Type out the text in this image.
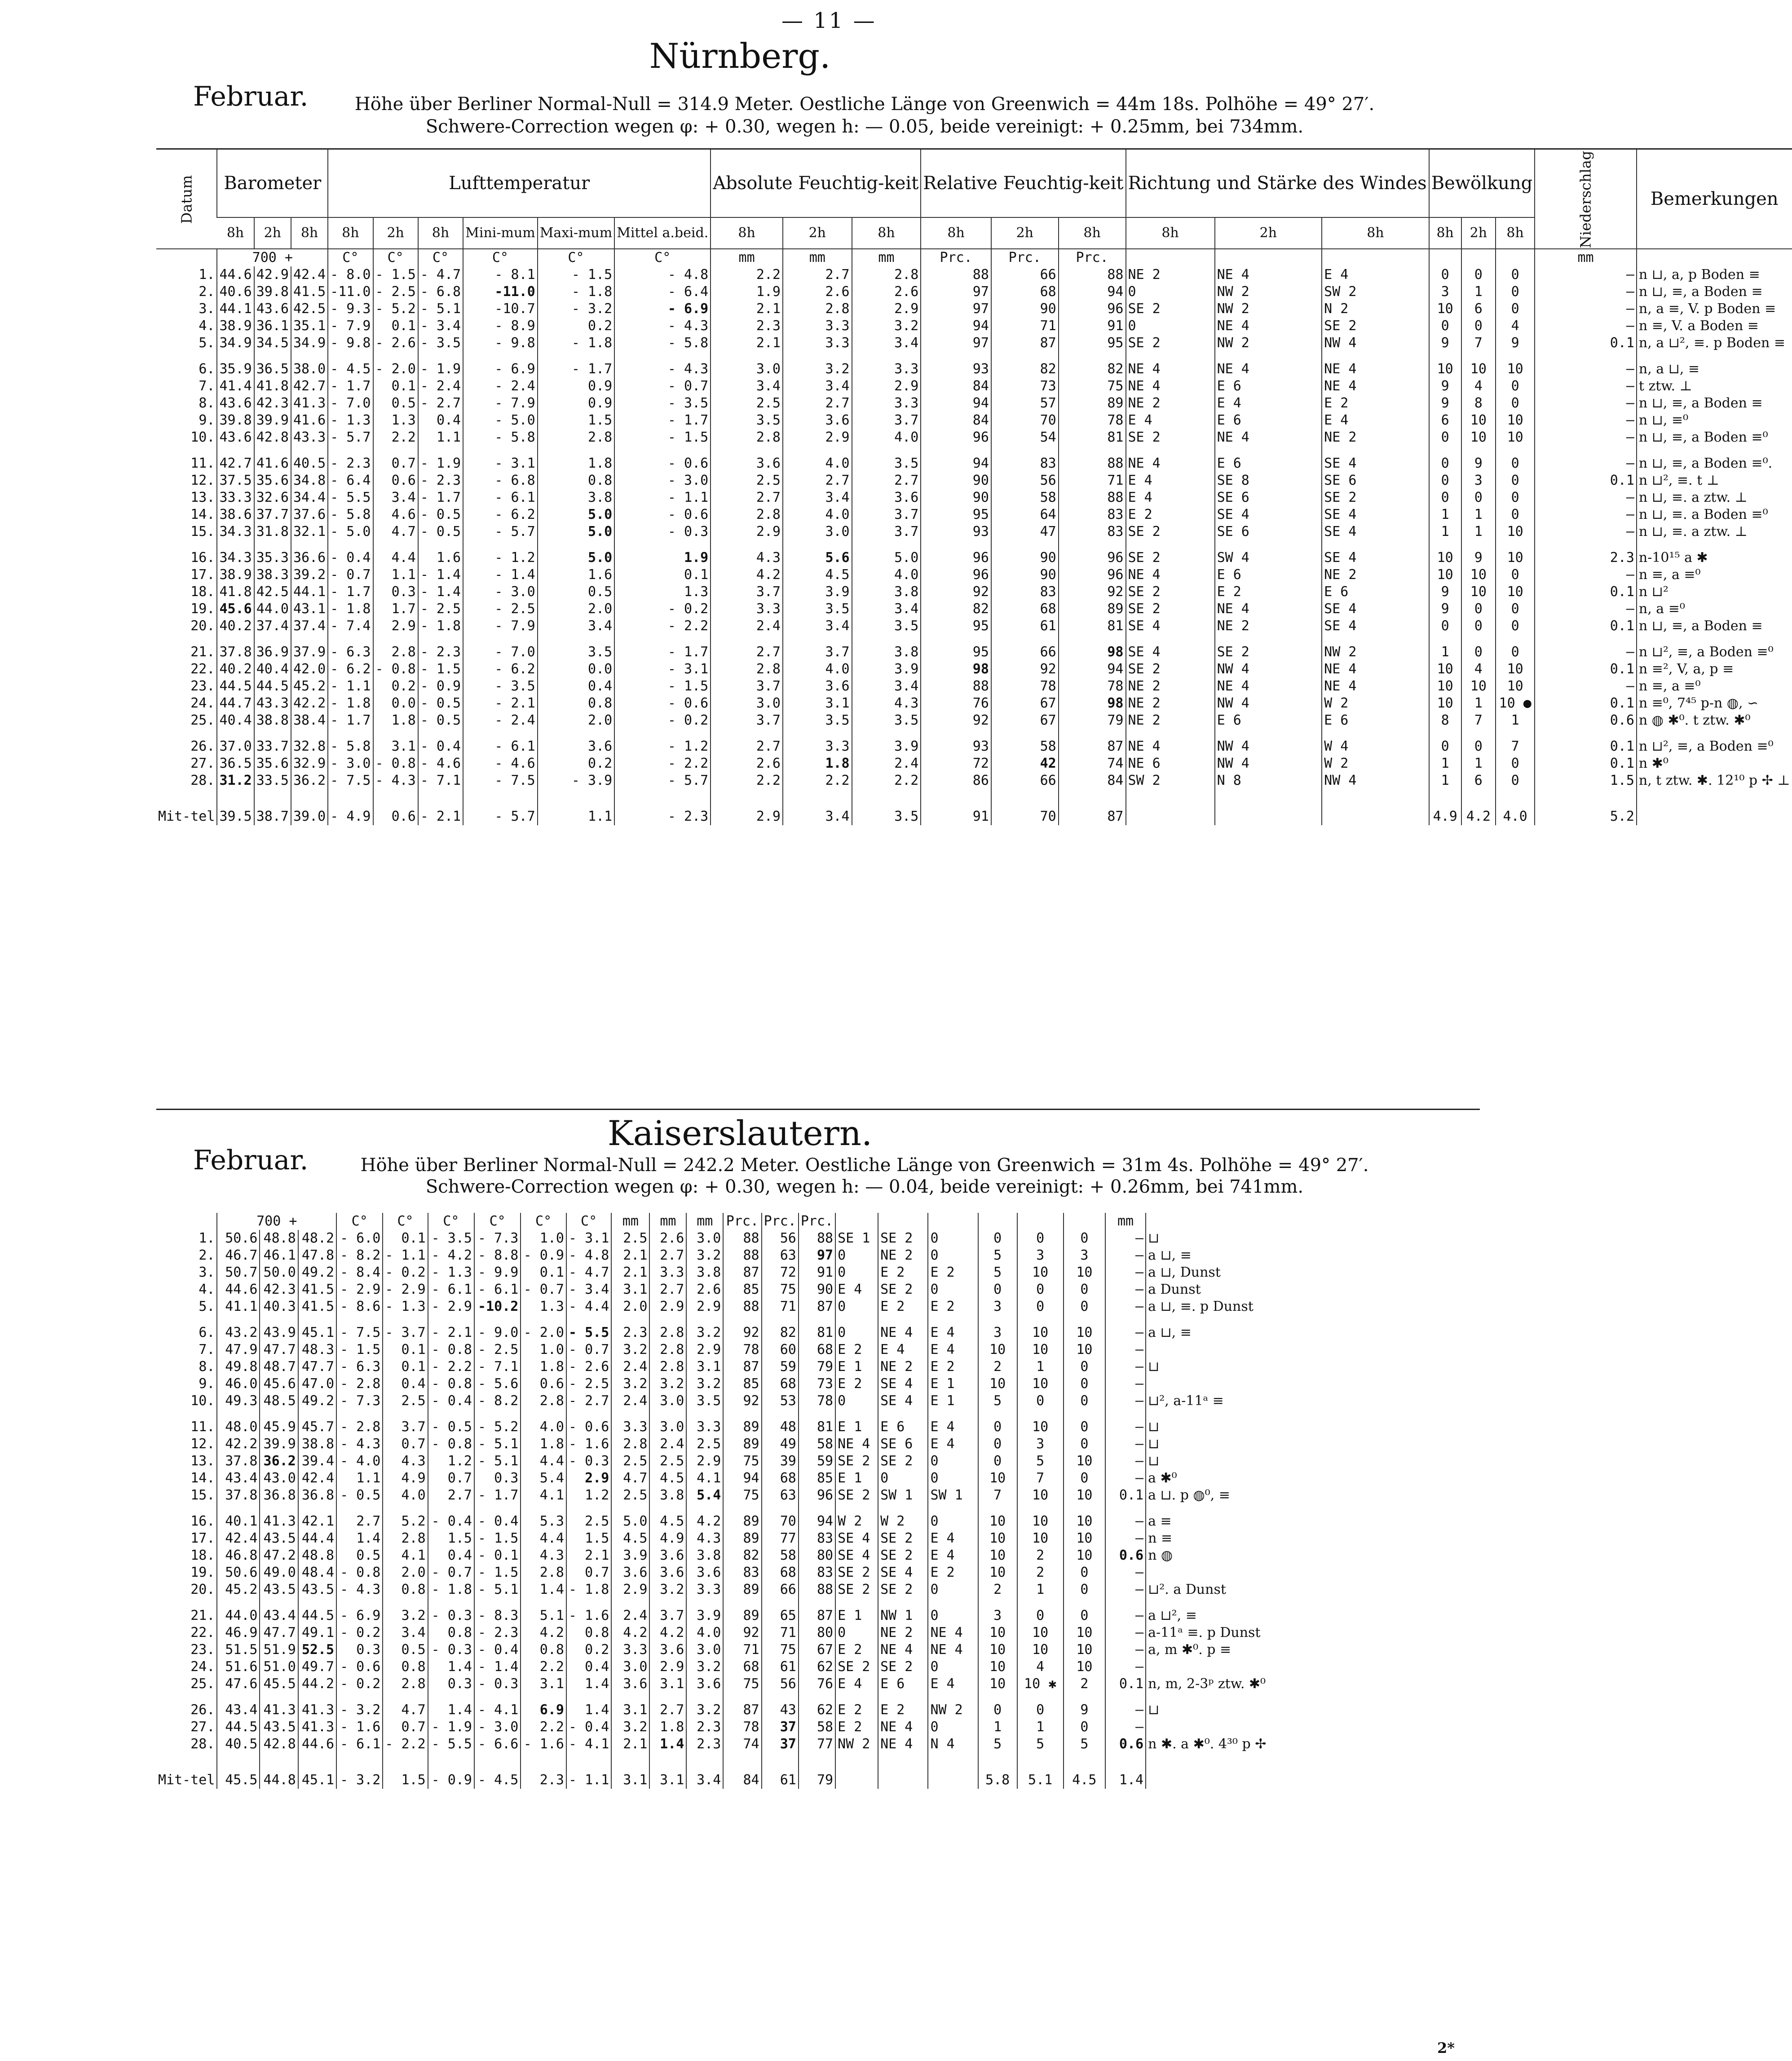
— 11 —
Nürnberg.
Februar.	Höhe über Berliner Normal-Null = 314.9 Meter. Oestliche Länge von Greenwich = 44m 18s. Polhöhe = 49° 27′.
Schwere-Correction wegen φ: + 0.30, wegen h: — 0.05, beide vereinigt: + 0.25mm, bei 734mm.
Datum	Barometer			Lufttemperatur						Absolute Feuchtig-keit			Relative Feuchtig-keit			Richtung und Stärke des Windes			Bewölkung			Niederschlag	Bemerkungen
	8h	2h	8h	8h	2h	8h	Mini-mum	Maxi-mum	Mittel a.beid.	8h	2h	8h	8h	2h	8h	8h	2h	8h	8h	2h	8h		
	700 +			C°	C°	C°	C°	C°	C°	mm	mm	mm	Prc.	Prc.	Prc.							mm	
1.	44.6	42.9	42.4	- 8.0	- 1.5	- 4.7	- 8.1	- 1.5	- 4.8	2.2	2.7	2.8	88	66	88	NE 2	NE 4	E 4	0	0	0	—	n ⊔, a, p Boden ≡
2.	40.6	39.8	41.5	-11.0	- 2.5	- 6.8	-11.0	- 1.8	- 6.4	1.9	2.6	2.6	97	68	94	0	NW 2	SW 2	3	1	0	—	n ⊔, ≡, a Boden ≡
3.	44.1	43.6	42.5	- 9.3	- 5.2	- 5.1	-10.7	- 3.2	- 6.9	2.1	2.8	2.9	97	90	96	SE 2	NW 2	N 2	10	6	0	—	n, a ≡, V. p Boden ≡
4.	38.9	36.1	35.1	- 7.9	0.1	- 3.4	- 8.9	0.2	- 4.3	2.3	3.3	3.2	94	71	91	0	NE 4	SE 2	0	0	4	—	n ≡, V. a Boden ≡
5.	34.9	34.5	34.9	- 9.8	- 2.6	- 3.5	- 9.8	- 1.8	- 5.8	2.1	3.3	3.4	97	87	95	SE 2	NW 2	NW 4	9	7	9	0.1	n, a ⊔², ≡. p Boden ≡
6.	35.9	36.5	38.0	- 4.5	- 2.0	- 1.9	- 6.9	- 1.7	- 4.3	3.0	3.2	3.3	93	82	82	NE 4	NE 4	NE 4	10	10	10	—	n, a ⊔, ≡
7.	41.4	41.8	42.7	- 1.7	0.1	- 2.4	- 2.4	0.9	- 0.7	3.4	3.4	2.9	84	73	75	NE 4	E 6	NE 4	9	4	0	—	t ztw. ⊥
8.	43.6	42.3	41.3	- 7.0	0.5	- 2.7	- 7.9	0.9	- 3.5	2.5	2.7	3.3	94	57	89	NE 2	E 4	E 2	9	8	0	—	n ⊔, ≡, a Boden ≡
9.	39.8	39.9	41.6	- 1.3	1.3	0.4	- 5.0	1.5	- 1.7	3.5	3.6	3.7	84	70	78	E 4	E 6	E 4	6	10	10	—	n ⊔, ≡⁰
10.	43.6	42.8	43.3	- 5.7	2.2	1.1	- 5.8	2.8	- 1.5	2.8	2.9	4.0	96	54	81	SE 2	NE 4	NE 2	0	10	10	—	n ⊔, ≡, a Boden ≡⁰
11.	42.7	41.6	40.5	- 2.3	0.7	- 1.9	- 3.1	1.8	- 0.6	3.6	4.0	3.5	94	83	88	NE 4	E 6	SE 4	0	9	0	—	n ⊔, ≡, a Boden ≡⁰.
12.	37.5	35.6	34.8	- 6.4	0.6	- 2.3	- 6.8	0.8	- 3.0	2.5	2.7	2.7	90	56	71	E 4	SE 8	SE 6	0	3	0	0.1	n ⊔², ≡. t ⊥
13.	33.3	32.6	34.4	- 5.5	3.4	- 1.7	- 6.1	3.8	- 1.1	2.7	3.4	3.6	90	58	88	E 4	SE 6	SE 2	0	0	0	—	n ⊔, ≡. a ztw. ⊥
14.	38.6	37.7	37.6	- 5.8	4.6	- 0.5	- 6.2	5.0	- 0.6	2.8	4.0	3.7	95	64	83	E 2	SE 4	SE 4	1	1	0	—	n ⊔, ≡. a Boden ≡⁰
15.	34.3	31.8	32.1	- 5.0	4.7	- 0.5	- 5.7	5.0	- 0.3	2.9	3.0	3.7	93	47	83	SE 2	SE 6	SE 4	1	1	10	—	n ⊔, ≡. a ztw. ⊥
16.	34.3	35.3	36.6	- 0.4	4.4	1.6	- 1.2	5.0	1.9	4.3	5.6	5.0	96	90	96	SE 2	SW 4	SE 4	10	9	10	2.3	n-10¹⁵ a ✱
17.	38.9	38.3	39.2	- 0.7	1.1	- 1.4	- 1.4	1.6	0.1	4.2	4.5	4.0	96	90	96	NE 4	E 6	NE 2	10	10	0	—	n ≡, a ≡⁰
18.	41.8	42.5	44.1	- 1.7	0.3	- 1.4	- 3.0	0.5	1.3	3.7	3.9	3.8	92	83	92	SE 2	E 2	E 6	9	10	10	0.1	n ⊔²
19.	45.6	44.0	43.1	- 1.8	1.7	- 2.5	- 2.5	2.0	- 0.2	3.3	3.5	3.4	82	68	89	SE 2	NE 4	SE 4	9	0	0	—	n, a ≡⁰
20.	40.2	37.4	37.4	- 7.4	2.9	- 1.8	- 7.9	3.4	- 2.2	2.4	3.4	3.5	95	61	81	SE 4	NE 2	SE 4	0	0	0	0.1	n ⊔, ≡, a Boden ≡
21.	37.8	36.9	37.9	- 6.3	2.8	- 2.3	- 7.0	3.5	- 1.7	2.7	3.7	3.8	95	66	98	SE 4	SE 2	NW 2	1	0	0	—	n ⊔², ≡, a Boden ≡⁰
22.	40.2	40.4	42.0	- 6.2	- 0.8	- 1.5	- 6.2	0.0	- 3.1	2.8	4.0	3.9	98	92	94	SE 2	NW 4	NE 4	10	4	10	0.1	n ≡², V, a, p ≡
23.	44.5	44.5	45.2	- 1.1	0.2	- 0.9	- 3.5	0.4	- 1.5	3.7	3.6	3.4	88	78	78	NE 2	NE 4	NE 4	10	10	10	—	n ≡, a ≡⁰
24.	44.7	43.3	42.2	- 1.8	0.0	- 0.5	- 2.1	0.8	- 0.6	3.0	3.1	4.3	76	67	98	NE 2	NW 4	W 2	10	1	10 ●	0.1	n ≡⁰, 7⁴⁵ p-n ◍, ∽
25.	40.4	38.8	38.4	- 1.7	1.8	- 0.5	- 2.4	2.0	- 0.2	3.7	3.5	3.5	92	67	79	NE 2	E 6	E 6	8	7	1	0.6	n ◍ ✱⁰. t ztw. ✱⁰
26.	37.0	33.7	32.8	- 5.8	3.1	- 0.4	- 6.1	3.6	- 1.2	2.7	3.3	3.9	93	58	87	NE 4	NW 4	W 4	0	0	7	0.1	n ⊔², ≡, a Boden ≡⁰
27.	36.5	35.6	32.9	- 3.0	- 0.8	- 4.6	- 4.6	0.2	- 2.2	2.6	1.8	2.4	72	42	74	NE 6	NW 4	W 2	1	1	0	0.1	n ✱⁰
28.	31.2	33.5	36.2	- 7.5	- 4.3	- 7.1	- 7.5	- 3.9	- 5.7	2.2	2.2	2.2	86	66	84	SW 2	N 8	NW 4	1	6	0	1.5	n, t ztw. ✱. 12¹⁰ p ✢ ⊥
Mit-tel	39.5	38.7	39.0	- 4.9	0.6	- 2.1	- 5.7	1.1	- 2.3	2.9	3.4	3.5	91	70	87				4.9	4.2	4.0	5.2	
Kaiserslautern.
Februar.	Höhe über Berliner Normal-Null = 242.2 Meter. Oestliche Länge von Greenwich = 31m 4s. Polhöhe = 49° 27′.
Schwere-Correction wegen φ: + 0.30, wegen h: — 0.04, beide vereinigt: + 0.26mm, bei 741mm.
	700 +			C°	C°	C°	C°	C°	C°	mm	mm	mm	Prc.	Prc.	Prc.							mm	
1.	50.6	48.8	48.2	- 6.0	0.1	- 3.5	- 7.3	1.0	- 3.1	2.5	2.6	3.0	88	56	88	SE 1	SE 2	0	0	0	0	—	⊔
2.	46.7	46.1	47.8	- 8.2	- 1.1	- 4.2	- 8.8	- 0.9	- 4.8	2.1	2.7	3.2	88	63	97	0	NE 2	0	5	3	3	—	a ⊔, ≡
3.	50.7	50.0	49.2	- 8.4	- 0.2	- 1.3	- 9.9	0.1	- 4.7	2.1	3.3	3.8	87	72	91	0	E 2	E 2	5	10	10	—	a ⊔, Dunst
4.	44.6	42.3	41.5	- 2.9	- 2.9	- 6.1	- 6.1	- 0.7	- 3.4	3.1	2.7	2.6	85	75	90	E 4	SE 2	0	0	0	0	—	a Dunst
5.	41.1	40.3	41.5	- 8.6	- 1.3	- 2.9	-10.2	1.3	- 4.4	2.0	2.9	2.9	88	71	87	0	E 2	E 2	3	0	0	—	a ⊔, ≡. p Dunst
6.	43.2	43.9	45.1	- 7.5	- 3.7	- 2.1	- 9.0	- 2.0	- 5.5	2.3	2.8	3.2	92	82	81	0	NE 4	E 4	3	10	10	—	a ⊔, ≡
7.	47.9	47.7	48.3	- 1.5	0.1	- 0.8	- 2.5	1.0	- 0.7	3.2	2.8	2.9	78	60	68	E 2	E 4	E 4	10	10	10	—	
8.	49.8	48.7	47.7	- 6.3	0.1	- 2.2	- 7.1	1.8	- 2.6	2.4	2.8	3.1	87	59	79	E 1	NE 2	E 2	2	1	0	—	⊔
9.	46.0	45.6	47.0	- 2.8	0.4	- 0.8	- 5.6	0.6	- 2.5	3.2	3.2	3.2	85	68	73	E 2	SE 4	E 1	10	10	0	—	
10.	49.3	48.5	49.2	- 7.3	2.5	- 0.4	- 8.2	2.8	- 2.7	2.4	3.0	3.5	92	53	78	0	SE 4	E 1	5	0	0	—	⊔², a-11ᵃ ≡
11.	48.0	45.9	45.7	- 2.8	3.7	- 0.5	- 5.2	4.0	- 0.6	3.3	3.0	3.3	89	48	81	E 1	E 6	E 4	0	10	0	—	⊔
12.	42.2	39.9	38.8	- 4.3	0.7	- 0.8	- 5.1	1.8	- 1.6	2.8	2.4	2.5	89	49	58	NE 4	SE 6	E 4	0	3	0	—	⊔
13.	37.8	36.2	39.4	- 4.0	4.3	1.2	- 5.1	4.4	- 0.3	2.5	2.5	2.9	75	39	59	SE 2	SE 2	0	0	5	10	—	⊔
14.	43.4	43.0	42.4	1.1	4.9	0.7	0.3	5.4	2.9	4.7	4.5	4.1	94	68	85	E 1	0	0	10	7	0	—	a ✱⁰
15.	37.8	36.8	36.8	- 0.5	4.0	2.7	- 1.7	4.1	1.2	2.5	3.8	5.4	75	63	96	SE 2	SW 1	SW 1	7	10	10	0.1	a ⊔. p ◍⁰, ≡
16.	40.1	41.3	42.1	2.7	5.2	- 0.4	- 0.4	5.3	2.5	5.0	4.5	4.2	89	70	94	W 2	W 2	0	10	10	10	—	a ≡
17.	42.4	43.5	44.4	1.4	2.8	1.5	- 1.5	4.4	1.5	4.5	4.9	4.3	89	77	83	SE 4	SE 2	E 4	10	10	10	—	n ≡
18.	46.8	47.2	48.8	0.5	4.1	0.4	- 0.1	4.3	2.1	3.9	3.6	3.8	82	58	80	SE 4	SE 2	E 4	10	2	10	0.6	n ◍
19.	50.6	49.0	48.4	- 0.8	2.0	- 0.7	- 1.5	2.8	0.7	3.6	3.6	3.6	83	68	83	SE 2	SE 4	E 2	10	2	0	—	
20.	45.2	43.5	43.5	- 4.3	0.8	- 1.8	- 5.1	1.4	- 1.8	2.9	3.2	3.3	89	66	88	SE 2	SE 2	0	2	1	0	—	⊔². a Dunst
21.	44.0	43.4	44.5	- 6.9	3.2	- 0.3	- 8.3	5.1	- 1.6	2.4	3.7	3.9	89	65	87	E 1	NW 1	0	3	0	0	—	a ⊔², ≡
22.	46.9	47.7	49.1	- 0.2	3.4	0.8	- 2.3	4.2	0.8	4.2	4.2	4.0	92	71	80	0	NE 2	NE 4	10	10	10	—	a-11ᵃ ≡. p Dunst
23.	51.5	51.9	52.5	0.3	0.5	- 0.3	- 0.4	0.8	0.2	3.3	3.6	3.0	71	75	67	E 2	NE 4	NE 4	10	10	10	—	a, m ✱⁰. p ≡
24.	51.6	51.0	49.7	- 0.6	0.8	1.4	- 1.4	2.2	0.4	3.0	2.9	3.2	68	61	62	SE 2	SE 2	0	10	4	10	—	
25.	47.6	45.5	44.2	- 0.2	2.8	0.3	- 0.3	3.1	1.4	3.6	3.1	3.6	75	56	76	E 4	E 6	E 4	10	10 ✱	2	0.1	n, m, 2-3ᵖ ztw. ✱⁰
26.	43.4	41.3	41.3	- 3.2	4.7	1.4	- 4.1	6.9	1.4	3.1	2.7	3.2	87	43	62	E 2	E 2	NW 2	0	0	9	—	⊔
27.	44.5	43.5	41.3	- 1.6	0.7	- 1.9	- 3.0	2.2	- 0.4	3.2	1.8	2.3	78	37	58	E 2	NE 4	0	1	1	0	—	
28.	40.5	42.8	44.6	- 6.1	- 2.2	- 5.5	- 6.6	- 1.6	- 4.1	2.1	1.4	2.3	74	37	77	NW 2	NE 4	N 4	5	5	5	0.6	n ✱. a ✱⁰. 4³⁰ p ✢
Mit-tel	45.5	44.8	45.1	- 3.2	1.5	- 0.9	- 4.5	2.3	- 1.1	3.1	3.1	3.4	84	61	79				5.8	5.1	4.5	1.4	
2*
